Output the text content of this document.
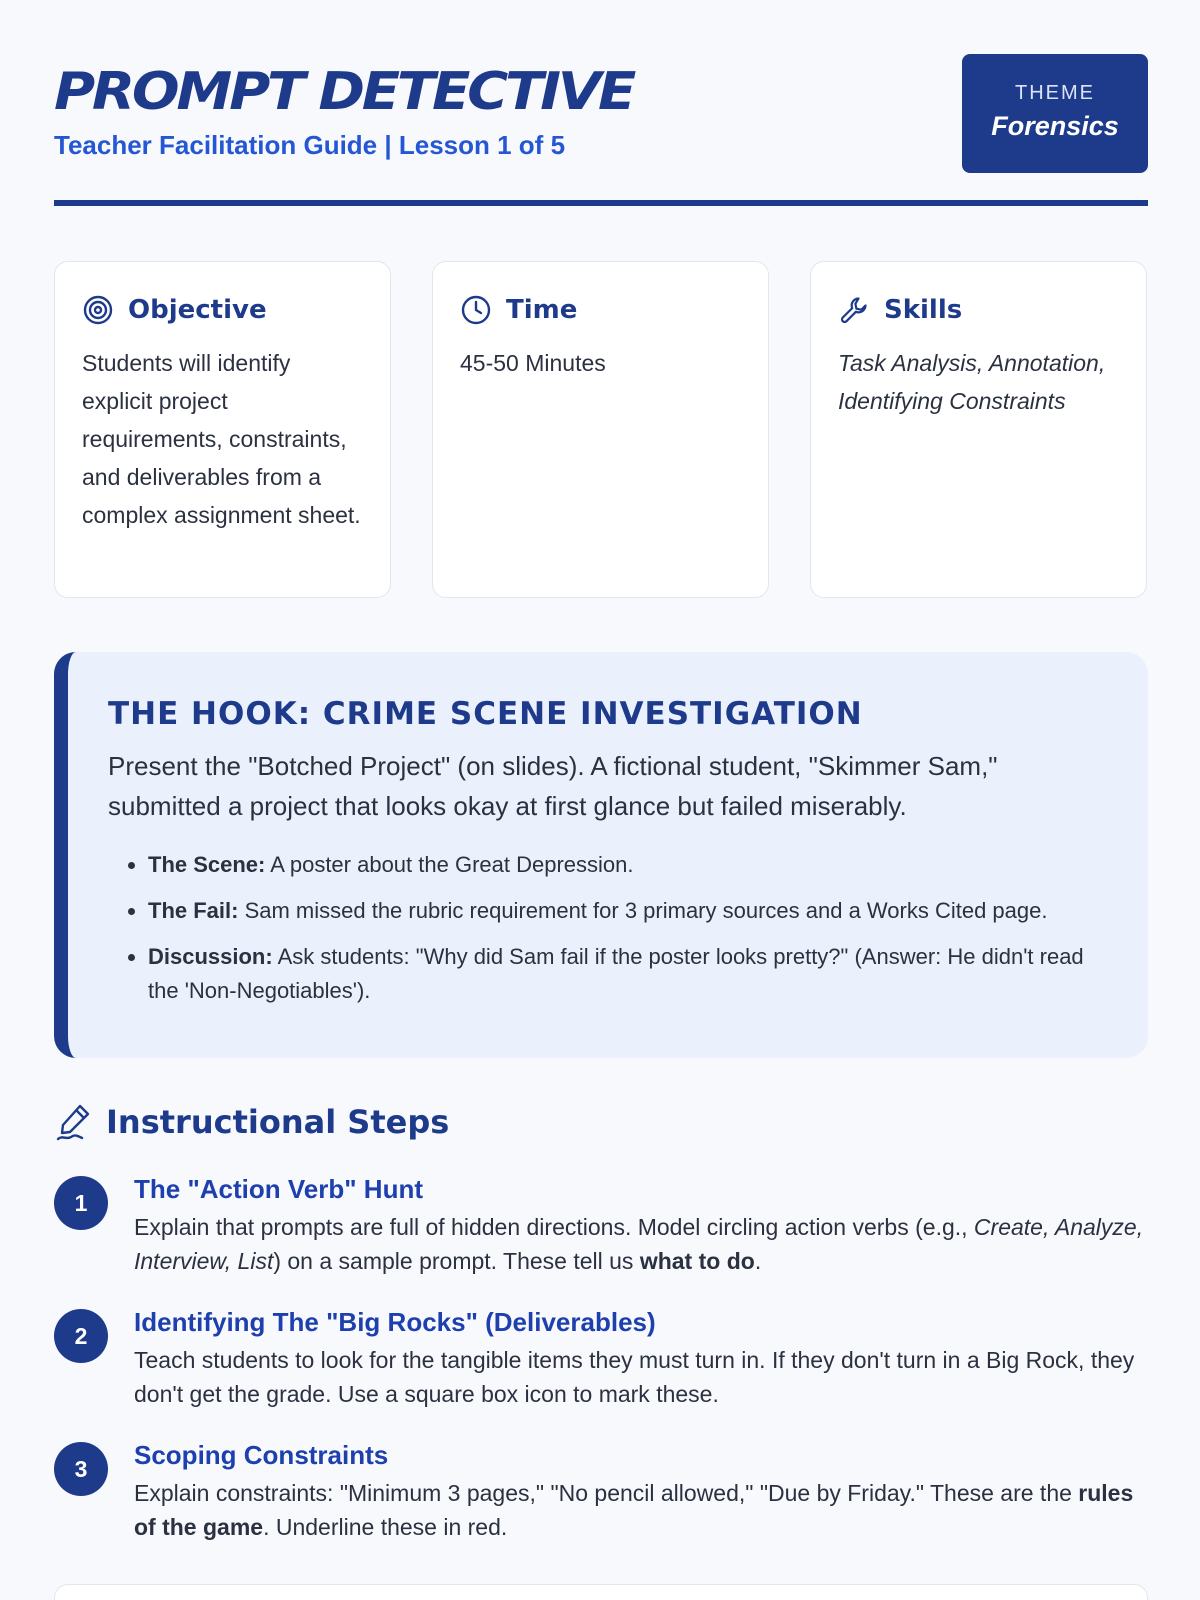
PROMPT DETECTIVE
Teacher Facilitation Guide | Lesson 1 of 5
THEME
Forensics
Objective
Students will identify explicit project requirements, constraints, and deliverables from a complex assignment sheet.
Time
45-50 Minutes
Skills
Task Analysis, Annotation, Identifying Constraints
THE HOOK: CRIME SCENE INVESTIGATION
Present the "Botched Project" (on slides). A fictional student, "Skimmer Sam," submitted a project that looks okay at first glance but failed miserably.
• The Scene: A poster about the Great Depression.
• The Fail: Sam missed the rubric requirement for 3 primary sources and a Works Cited page.
• Discussion: Ask students: "Why did Sam fail if the poster looks pretty?" (Answer: He didn't read the 'Non-Negotiables').
Instructional Steps
1	The "Action Verb" Hunt
Explain that prompts are full of hidden directions. Model circling action verbs (e.g., Create, Analyze, Interview, List) on a sample prompt. These tell us what to do.
2	Identifying The "Big Rocks" (Deliverables)
Teach students to look for the tangible items they must turn in. If they don't turn in a Big Rock, they don't get the grade. Use a square box icon to mark these.
3	Scoping Constraints
Explain constraints: "Minimum 3 pages," "No pencil allowed," "Due by Friday." These are the rules of the game. Underline these in red.
